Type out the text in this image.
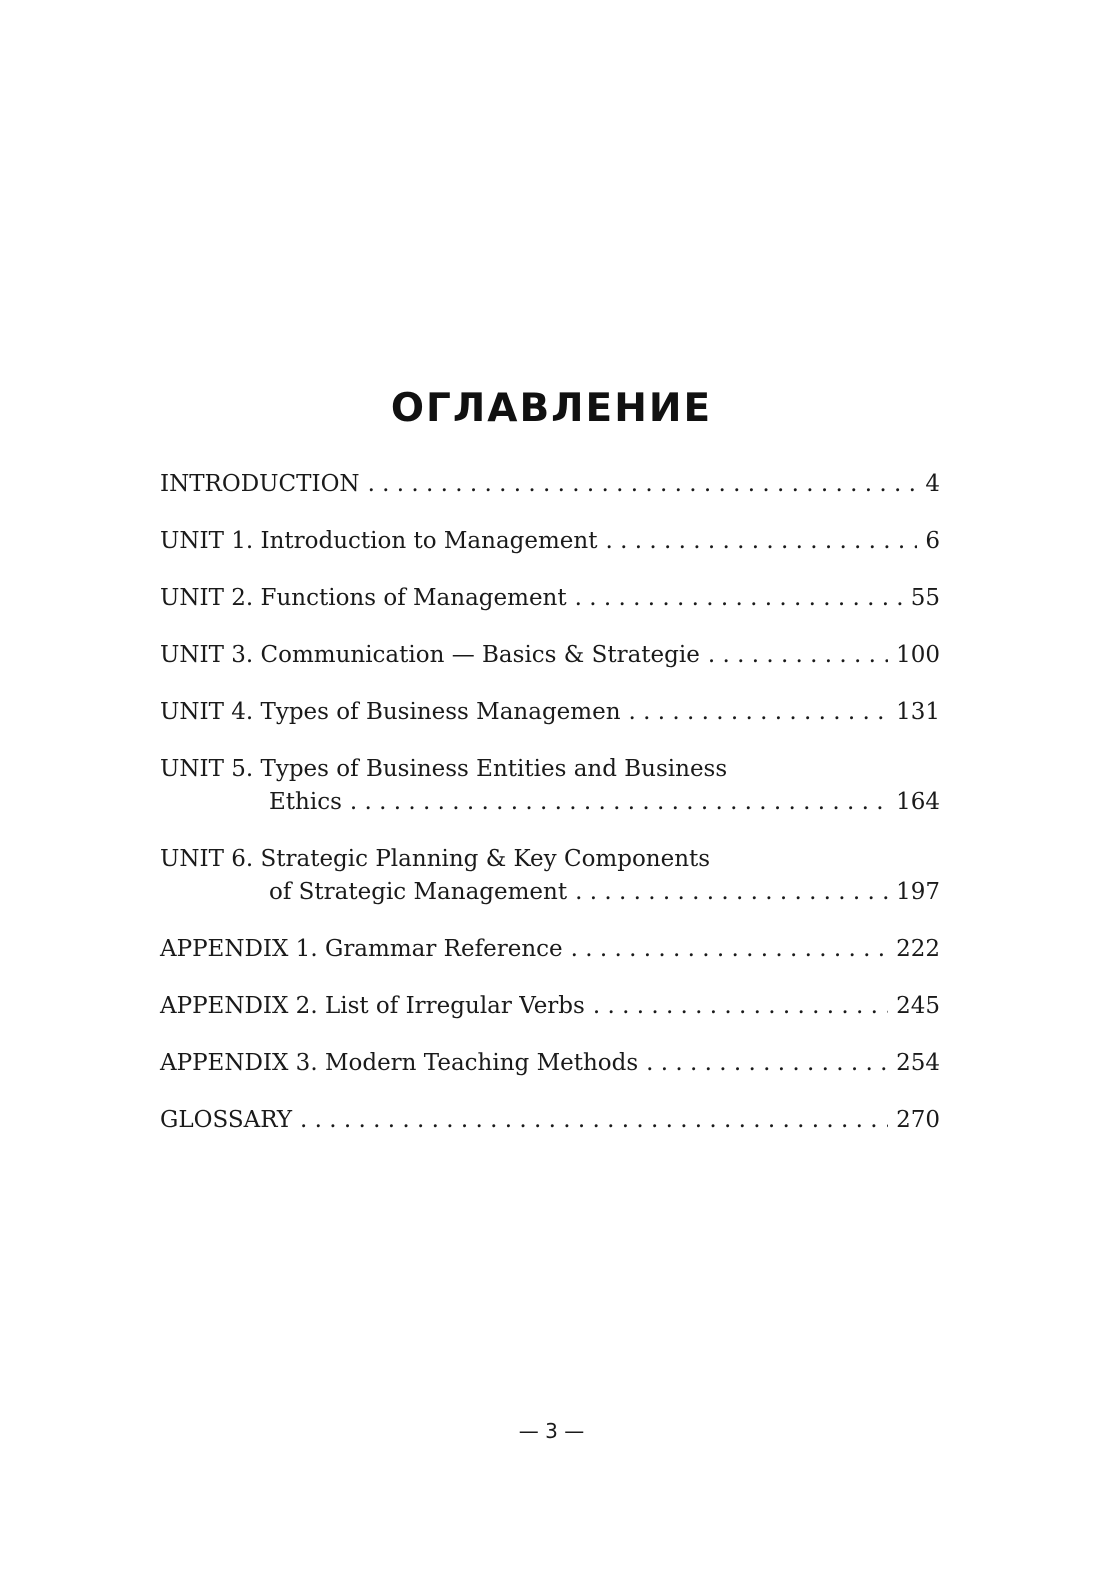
ОГЛАВЛЕНИЕ
INTRODUCTION . . .	4
UNIT 1. Introduction to Management . . .	6
UNIT 2. Functions of Management . . .	55
UNIT 3. Communication — Basics & Strategie . . .	100
UNIT 4. Types of Business Managemen . . .	131
UNIT 5. Types of Business Entities and Business
Ethics . . .	164
UNIT 6. Strategic Planning & Key Components
of Strategic Management . . .	197
APPENDIX 1. Grammar Reference . . .	222
APPENDIX 2. List of Irregular Verbs . . .	245
APPENDIX 3. Modern Teaching Methods . . .	254
GLOSSARY . . .	270
— 3 —
